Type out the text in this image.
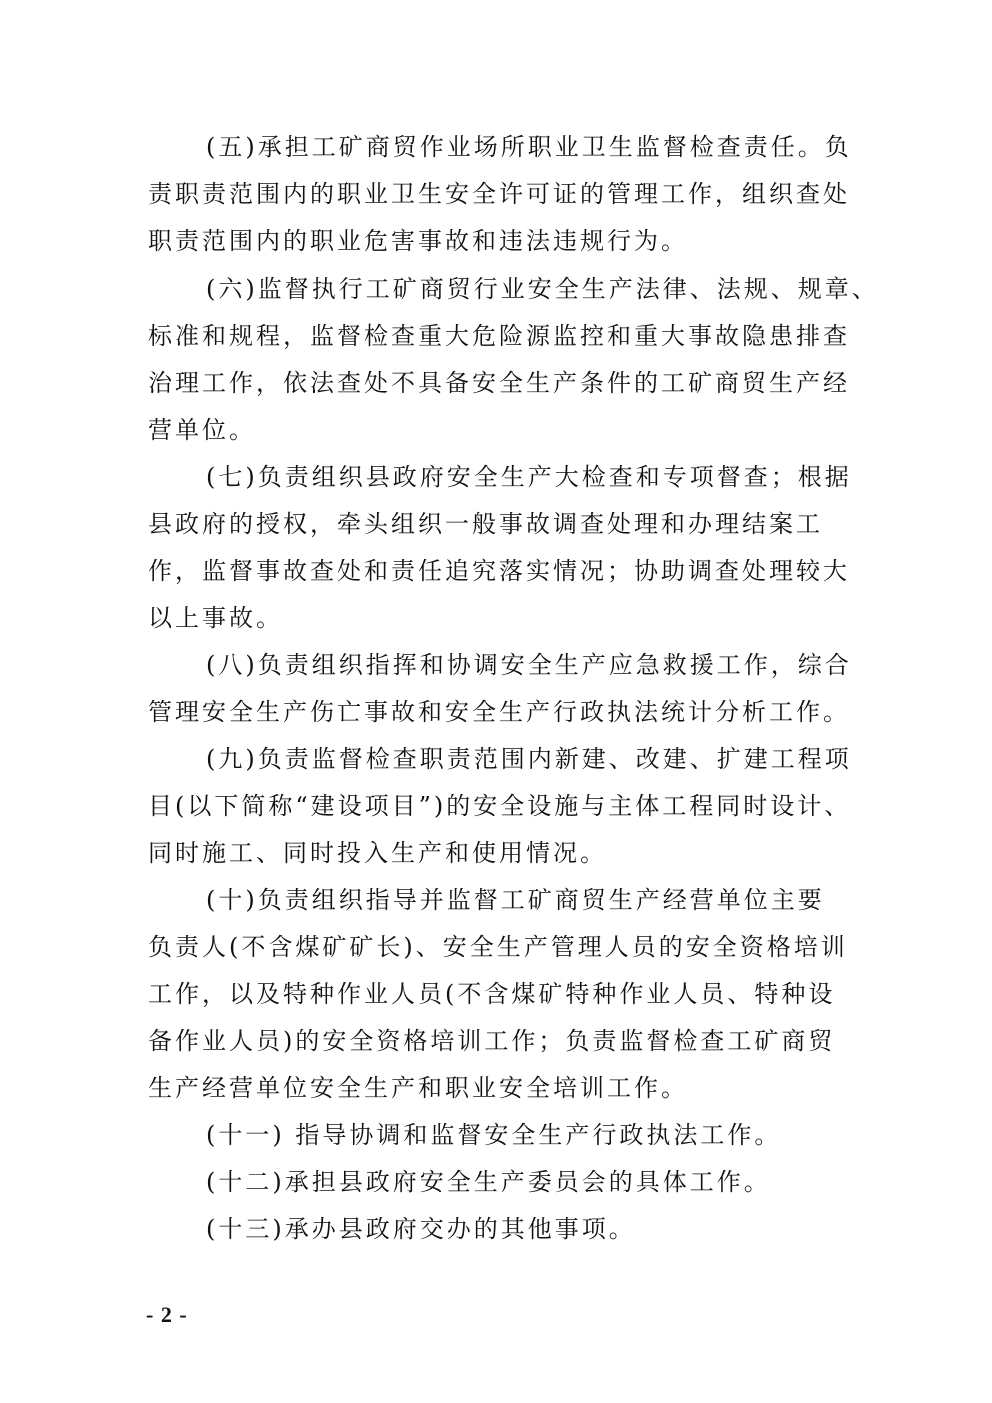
(五)承担工矿商贸作业场所职业卫生监督检查责任。负
责职责范围内的职业卫生安全许可证的管理工作，组织查处
职责范围内的职业危害事故和违法违规行为。
(六)监督执行工矿商贸行业安全生产法律、法规、规章、
标准和规程，监督检查重大危险源监控和重大事故隐患排查
治理工作，依法查处不具备安全生产条件的工矿商贸生产经
营单位。
(七)负责组织县政府安全生产大检查和专项督查；根据
县政府的授权，牵头组织一般事故调查处理和办理结案工
作，监督事故查处和责任追究落实情况；协助调查处理较大
以上事故。
(八)负责组织指挥和协调安全生产应急救援工作，综合
管理安全生产伤亡事故和安全生产行政执法统计分析工作。
(九)负责监督检查职责范围内新建、改建、扩建工程项
目(以下简称“建设项目”)的安全设施与主体工程同时设计、
同时施工、同时投入生产和使用情况。
(十)负责组织指导并监督工矿商贸生产经营单位主要
负责人(不含煤矿矿长)、安全生产管理人员的安全资格培训
工作，以及特种作业人员(不含煤矿特种作业人员、特种设
备作业人员)的安全资格培训工作；负责监督检查工矿商贸
生产经营单位安全生产和职业安全培训工作。
(十一) 指导协调和监督安全生产行政执法工作。
(十二)承担县政府安全生产委员会的具体工作。
(十三)承办县政府交办的其他事项。
- 2 -
